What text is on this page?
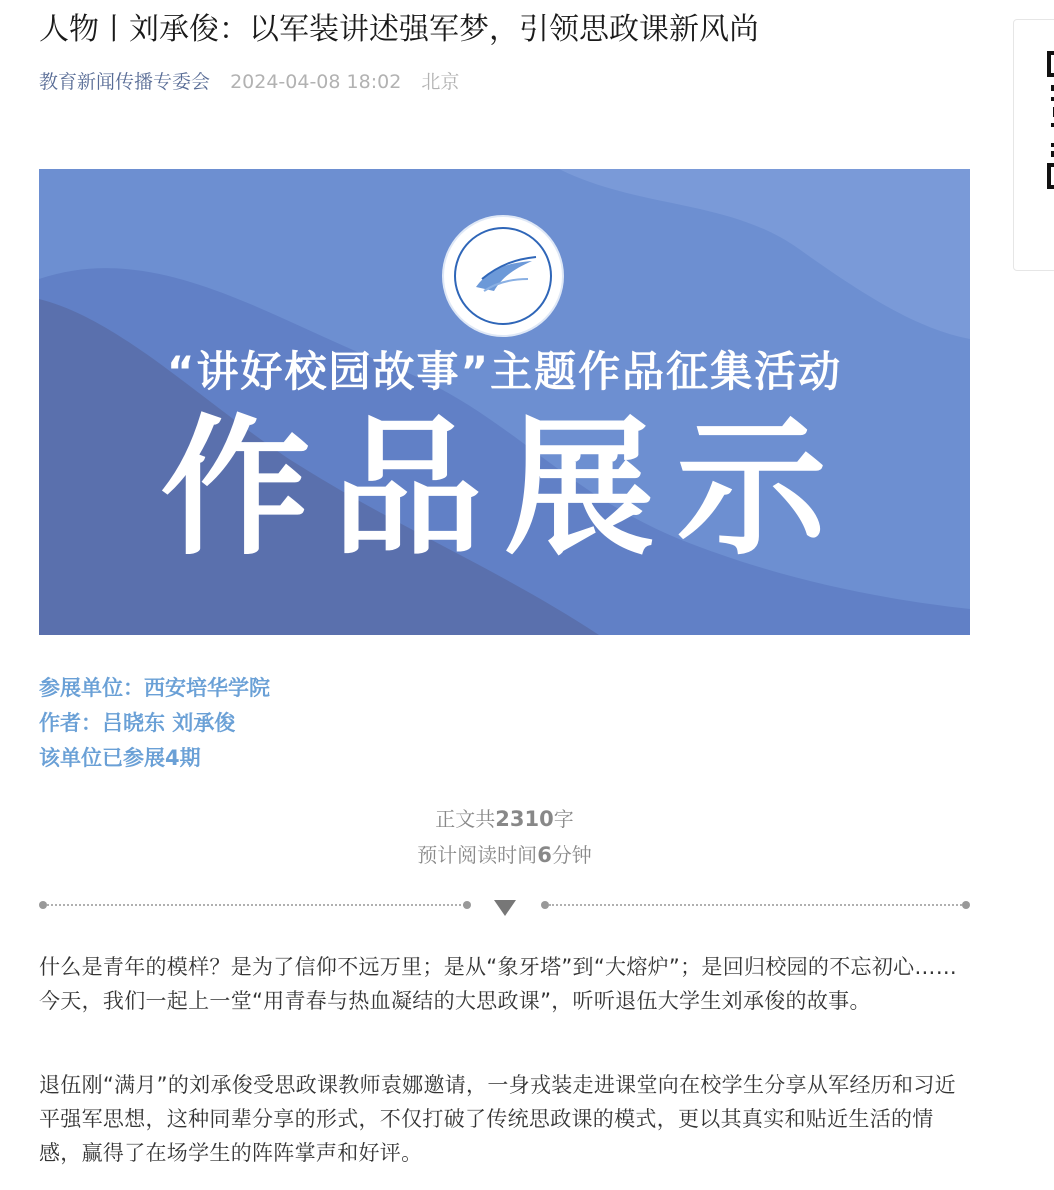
人物丨刘承俊：以军装讲述强军梦，引领思政课新风尚
教育新闻传播专委会 2024-04-08 18:02 北京
“讲好校园故事”主题作品征集活动
作品展示
参展单位：西安培华学院
作者：吕晓东 刘承俊
该单位已参展4期
正文共2310字
预计阅读时间6分钟

什么是青年的模样？是为了信仰不远万里；是从“象牙塔”到“大熔炉”；是回归校园的不忘初心……今天，我们一起上一堂“用青春与热血凝结的大思政课”，听听退伍大学生刘承俊的故事。

退伍刚“满月”的刘承俊受思政课教师袁娜邀请，一身戎装走进课堂向在校学生分享从军经历和习近平强军思想，这种同辈分享的形式，不仅打破了传统思政课的模式，更以其真实和贴近生活的情感，赢得了在场学生的阵阵掌声和好评。
